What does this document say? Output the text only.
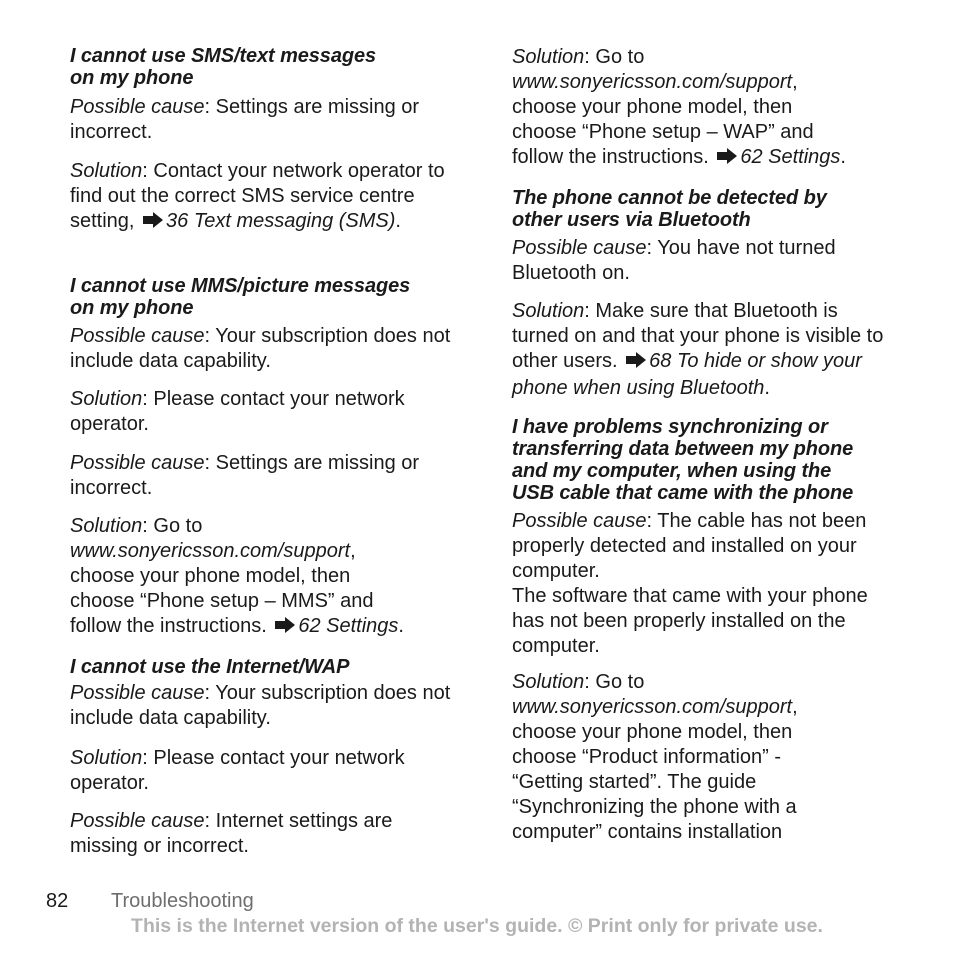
I cannot use SMS/text messages
on my phone
Possible cause: Settings are missing or incorrect.
Solution: Contact your network operator to find out the correct SMS service centre setting, 36 Text messaging (SMS).
I cannot use MMS/picture messages
on my phone
Possible cause: Your subscription does not include data capability.
Solution: Please contact your network operator.
Possible cause: Settings are missing or incorrect.
Solution: Go to
www.sonyericsson.com/support,
choose your phone model, then
choose “Phone setup – MMS” and
follow the instructions. 62 Settings.
I cannot use the Internet/WAP
Possible cause: Your subscription does not include data capability.
Solution: Please contact your network operator.
Possible cause: Internet settings are missing or incorrect.
Solution: Go to
www.sonyericsson.com/support,
choose your phone model, then
choose “Phone setup – WAP” and
follow the instructions. 62 Settings.
The phone cannot be detected by
other users via Bluetooth
Possible cause: You have not turned Bluetooth on.
Solution: Make sure that Bluetooth is turned on and that your phone is visible to other users. 68 To hide or show your phone when using Bluetooth.
I have problems synchronizing or
transferring data between my phone
and my computer, when using the
USB cable that came with the phone
Possible cause: The cable has not been properly detected and installed on your computer.
The software that came with your phone has not been properly installed on the computer.
Solution: Go to
www.sonyericsson.com/support,
choose your phone model, then
choose “Product information” -
“Getting started”. The guide
“Synchronizing the phone with a
computer” contains installation
82 Troubleshooting
This is the Internet version of the user's guide. © Print only for private use.
